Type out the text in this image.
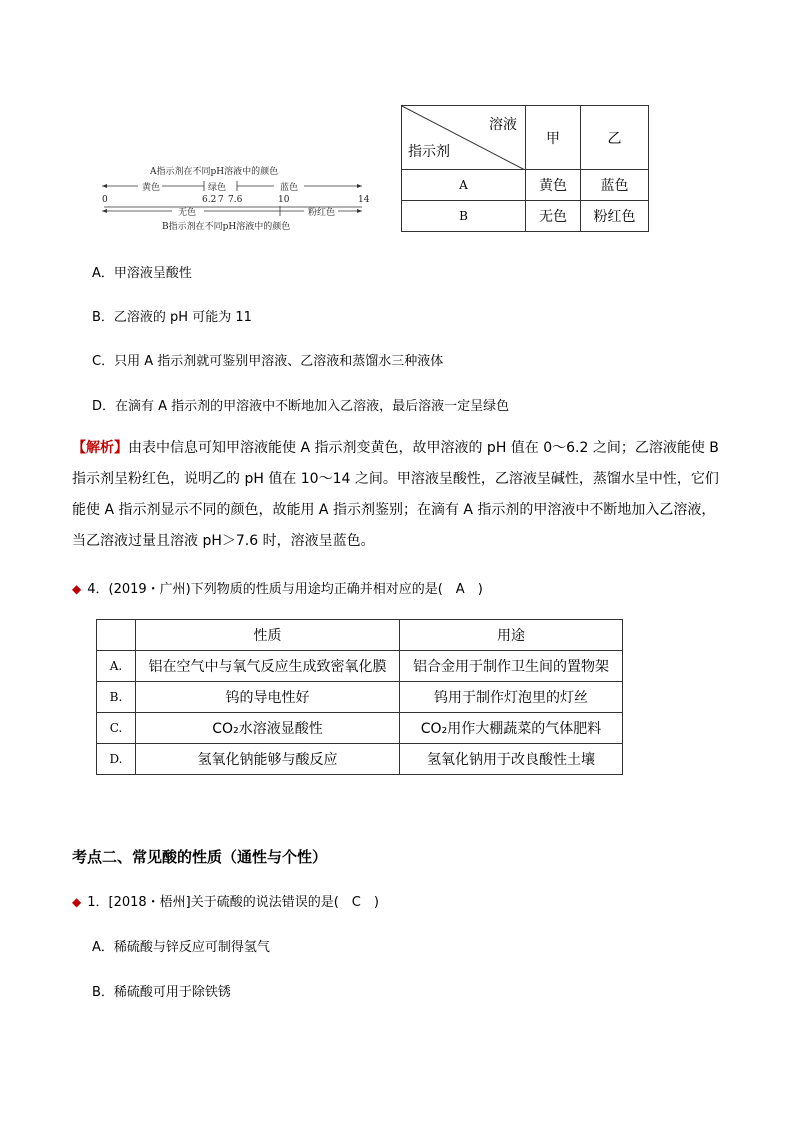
A指示剂在不同pH溶液中的颜色
黄色	绿色	蓝色
0	6.2 7 7.6	10	14
无色	粉红色
B指示剂在不同pH溶液中的颜色
溶液
指示剂	甲	乙
A	黄色	蓝色
B	无色	粉红色
A．甲溶液呈酸性
B．乙溶液的 pH 可能为 11
C．只用 A 指示剂就可鉴别甲溶液、乙溶液和蒸馏水三种液体
D．在滴有 A 指示剂的甲溶液中不断地加入乙溶液，最后溶液一定呈绿色
【解析】由表中信息可知甲溶液能使 A 指示剂变黄色，故甲溶液的 pH 值在 0～6.2 之间；乙溶液能使 B 指示剂呈粉红色，说明乙的 pH 值在 10～14 之间。甲溶液呈酸性，乙溶液呈碱性，蒸馏水呈中性，它们能使 A 指示剂显示不同的颜色，故能用 A 指示剂鉴别；在滴有 A 指示剂的甲溶液中不断地加入乙溶液，当乙溶液过量且溶液 pH＞7.6 时，溶液呈蓝色。
◆ 4．(2019・广州)下列物质的性质与用途均正确并相对应的是(　A　)
	性质	用途
A.	铝在空气中与氧气反应生成致密氧化膜	铝合金用于制作卫生间的置物架
B.	钨的导电性好	钨用于制作灯泡里的灯丝
C.	CO₂水溶液显酸性	CO₂用作大棚蔬菜的气体肥料
D.	氢氧化钠能够与酸反应	氢氧化钠用于改良酸性土壤
考点二、常见酸的性质（通性与个性）
◆ 1．[2018・梧州]关于硫酸的说法错误的是(　C　)
A．稀硫酸与锌反应可制得氢气
B．稀硫酸可用于除铁锈
